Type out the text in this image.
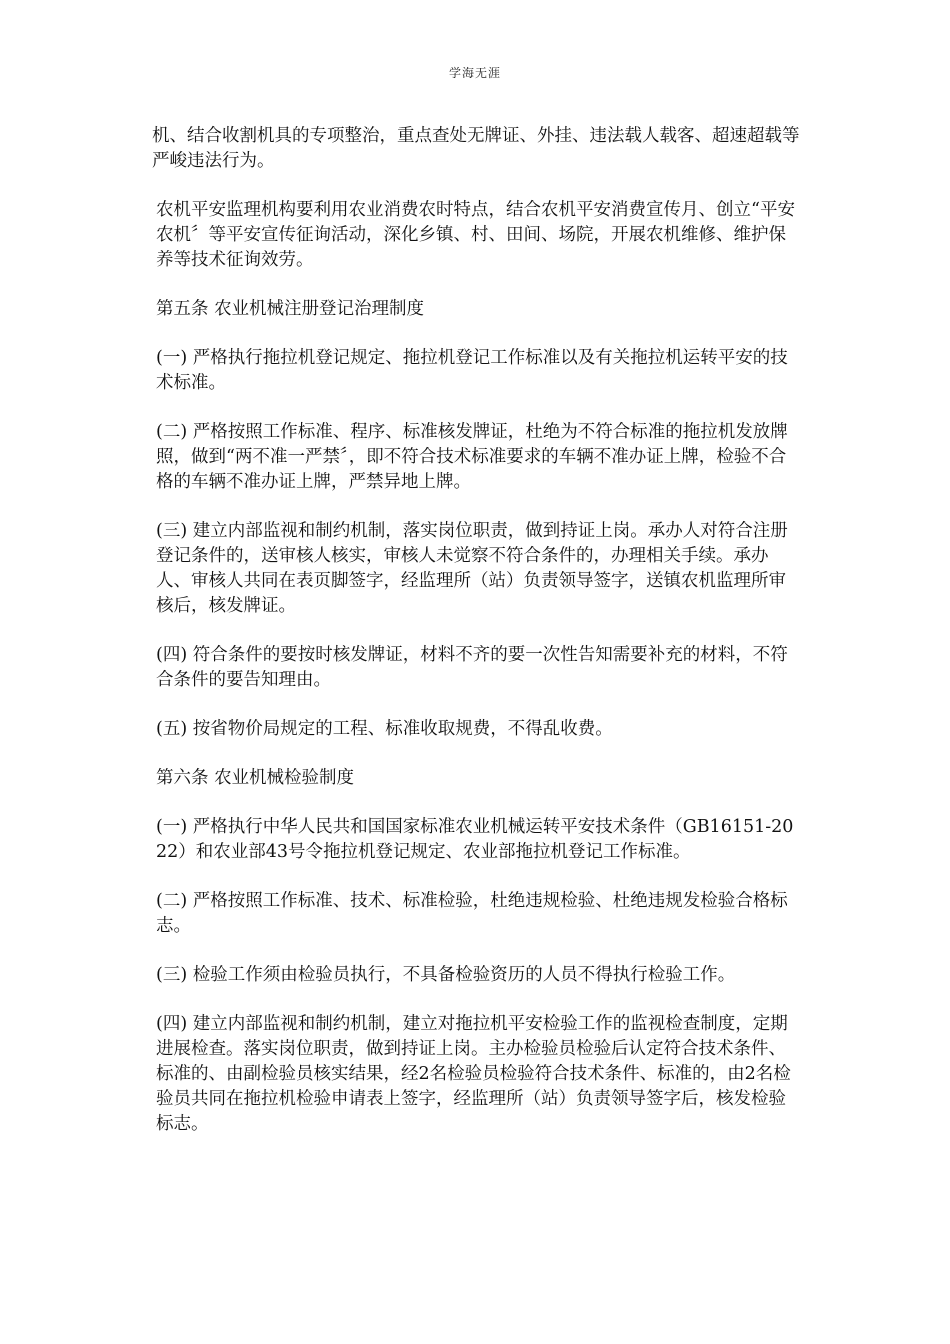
学海无涯

机、结合收割机具的专项整治，重点查处无牌证、外挂、违法载人载客、超速超载等严峻违法行为。

农机平安监理机构要利用农业消费农时特点，结合农机平安消费宣传月、创立“平安农机〞等平安宣传征询活动，深化乡镇、村、田间、场院，开展农机维修、维护保养等技术征询效劳。

第五条 农业机械注册登记治理制度

(一) 严格执行拖拉机登记规定、拖拉机登记工作标准以及有关拖拉机运转平安的技术标准。

(二) 严格按照工作标准、程序、标准核发牌证，杜绝为不符合标准的拖拉机发放牌照，做到“两不准一严禁〞，即不符合技术标准要求的车辆不准办证上牌，检验不合格的车辆不准办证上牌，严禁异地上牌。

(三) 建立内部监视和制约机制，落实岗位职责，做到持证上岗。承办人对符合注册登记条件的，送审核人核实，审核人未觉察不符合条件的，办理相关手续。承办人、审核人共同在表页脚签字，经监理所（站）负责领导签字，送镇农机监理所审核后，核发牌证。

(四) 符合条件的要按时核发牌证，材料不齐的要一次性告知需要补充的材料，不符合条件的要告知理由。

(五) 按省物价局规定的工程、标准收取规费，不得乱收费。

第六条 农业机械检验制度

(一) 严格执行中华人民共和国国家标准农业机械运转平安技术条件（GB16151-2022）和农业部43号令拖拉机登记规定、农业部拖拉机登记工作标准。

(二) 严格按照工作标准、技术、标准检验，杜绝违规检验、杜绝违规发检验合格标志。

(三) 检验工作须由检验员执行，不具备检验资历的人员不得执行检验工作。

(四) 建立内部监视和制约机制，建立对拖拉机平安检验工作的监视检查制度，定期进展检查。落实岗位职责，做到持证上岗。主办检验员检验后认定符合技术条件、标准的、由副检验员核实结果，经2名检验员检验符合技术条件、标准的，由2名检验员共同在拖拉机检验申请表上签字，经监理所（站）负责领导签字后，核发检验标志。
